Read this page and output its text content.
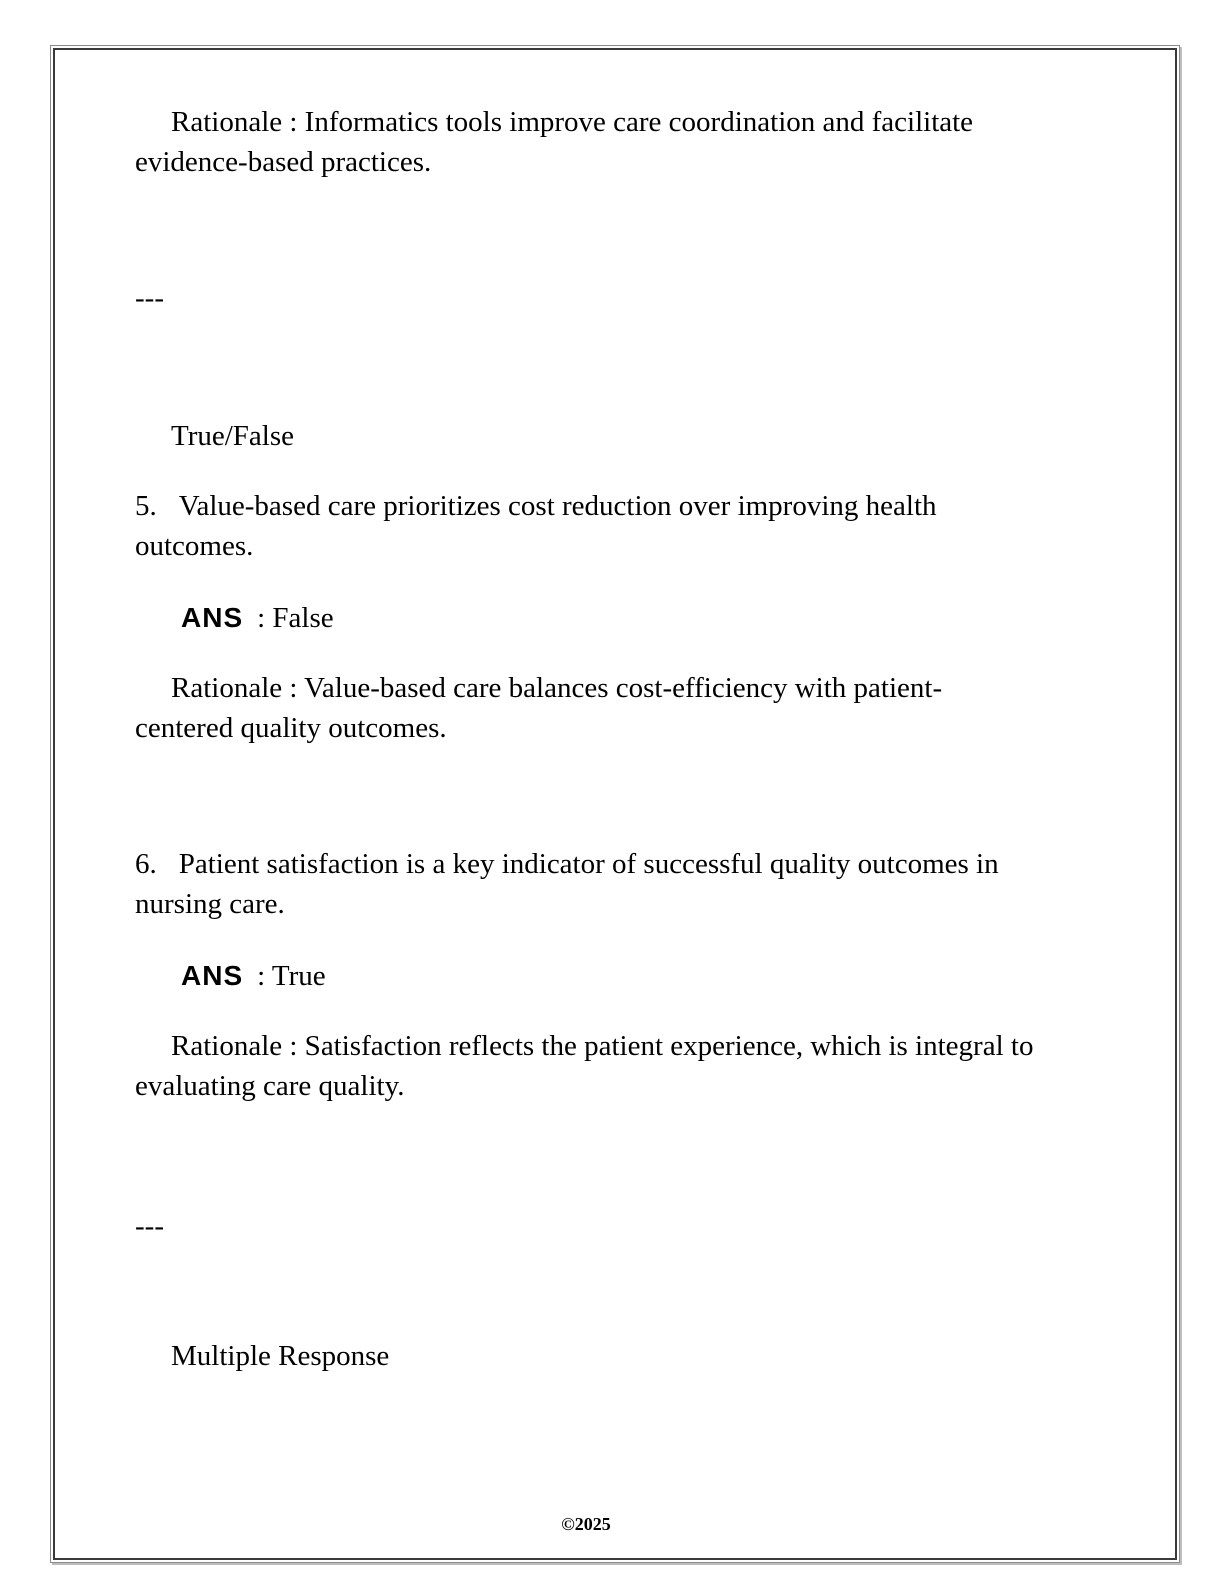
Rationale : Informatics tools improve care coordination and facilitate evidence-based practices.

---

True/False

5. Value-based care prioritizes cost reduction over improving health outcomes.

ANS : False

Rationale : Value-based care balances cost-efficiency with patient-centered quality outcomes.

6. Patient satisfaction is a key indicator of successful quality outcomes in nursing care.

ANS : True

Rationale : Satisfaction reflects the patient experience, which is integral to evaluating care quality.

---

Multiple Response

©2025
